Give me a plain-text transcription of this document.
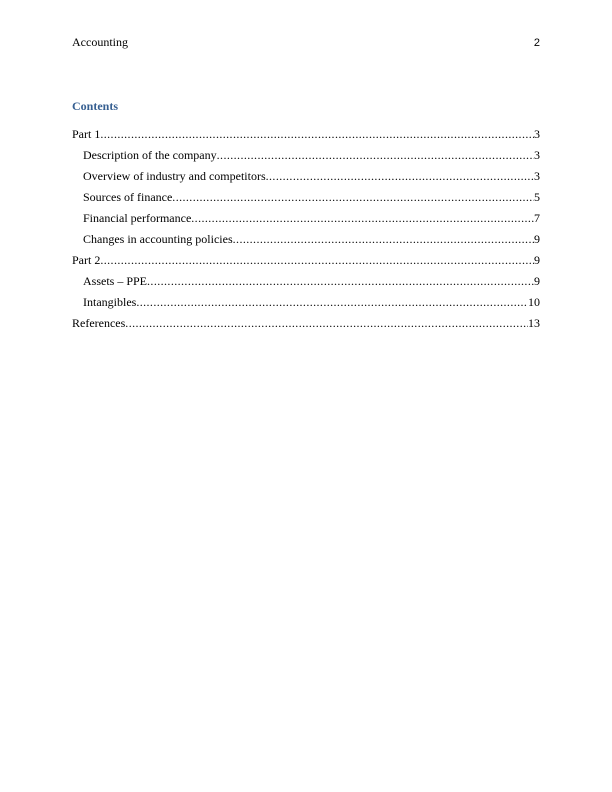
Accounting	2
Contents
Part 1 .....	3
Description of the company .....	3
Overview of industry and competitors .....	3
Sources of finance .....	5
Financial performance .....	7
Changes in accounting policies .....	9
Part 2 .....	9
Assets – PPE .....	9
Intangibles .....	10
References .....	13
